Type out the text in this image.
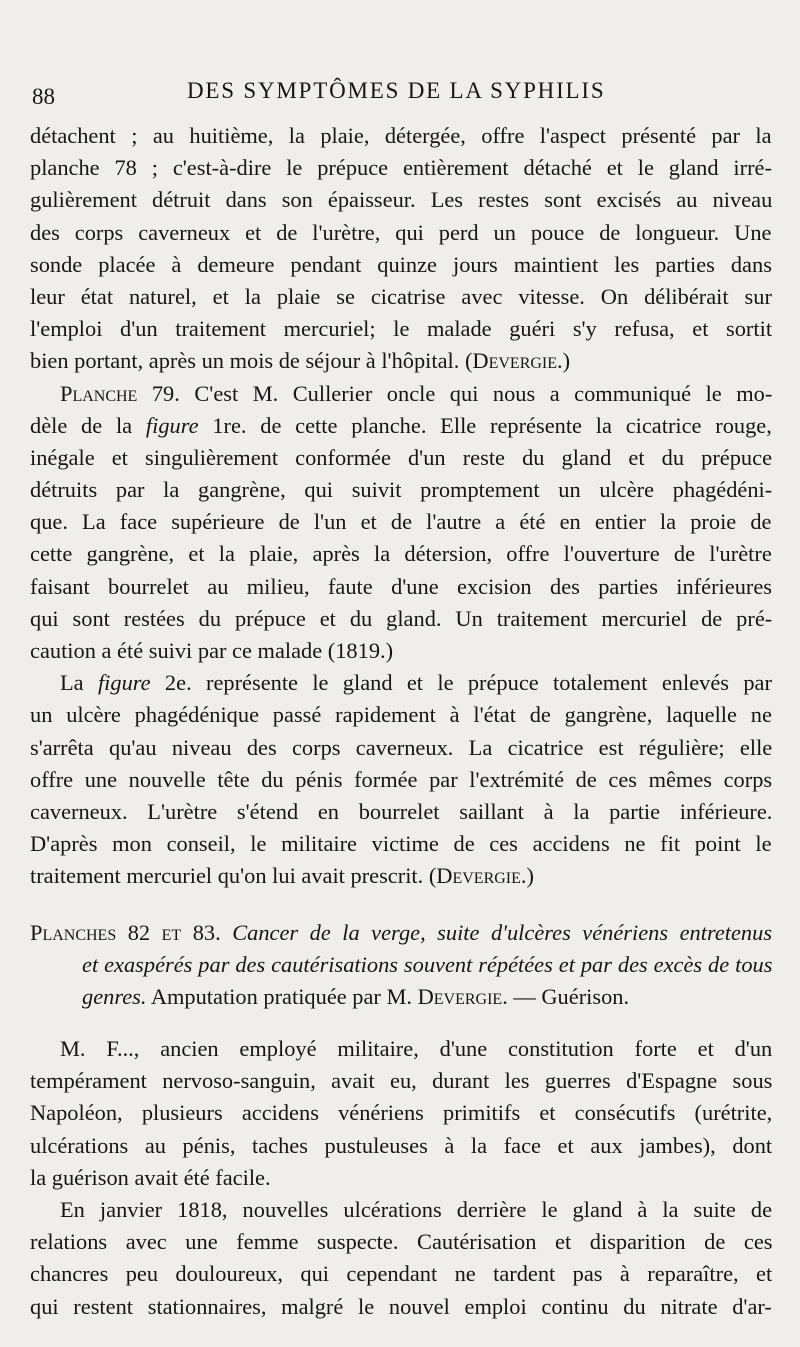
88	DES SYMPTÔMES DE LA SYPHILIS
détachent ; au huitième, la plaie, détergée, offre l'aspect présenté par la
planche 78 ; c'est-à-dire le prépuce entièrement détaché et le gland irré-
gulièrement détruit dans son épaisseur. Les restes sont excisés au niveau
des corps caverneux et de l'urètre, qui perd un pouce de longueur. Une
sonde placée à demeure pendant quinze jours maintient les parties dans
leur état naturel, et la plaie se cicatrise avec vitesse. On délibérait sur
l'emploi d'un traitement mercuriel; le malade guéri s'y refusa, et sortit
bien portant, après un mois de séjour à l'hôpital. (Devergie.)
Planche 79. C'est M. Cullerier oncle qui nous a communiqué le mo-
dèle de la figure 1re. de cette planche. Elle représente la cicatrice rouge,
inégale et singulièrement conformée d'un reste du gland et du prépuce
détruits par la gangrène, qui suivit promptement un ulcère phagédéni-
que. La face supérieure de l'un et de l'autre a été en entier la proie de
cette gangrène, et la plaie, après la détersion, offre l'ouverture de l'urètre
faisant bourrelet au milieu, faute d'une excision des parties inférieures
qui sont restées du prépuce et du gland. Un traitement mercuriel de pré-
caution a été suivi par ce malade (1819.)
La figure 2e. représente le gland et le prépuce totalement enlevés par
un ulcère phagédénique passé rapidement à l'état de gangrène, laquelle ne
s'arrêta qu'au niveau des corps caverneux. La cicatrice est régulière; elle
offre une nouvelle tête du pénis formée par l'extrémité de ces mêmes corps
caverneux. L'urètre s'étend en bourrelet saillant à la partie inférieure.
D'après mon conseil, le militaire victime de ces accidens ne fit point le
traitement mercuriel qu'on lui avait prescrit. (Devergie.)
Planches 82 et 83. Cancer de la verge, suite d'ulcères vénériens entretenus
et exaspérés par des cautérisations souvent répétées et par des excès de tous
genres. Amputation pratiquée par M. Devergie. — Guérison.
M. F..., ancien employé militaire, d'une constitution forte et d'un
tempérament nervoso-sanguin, avait eu, durant les guerres d'Espagne sous
Napoléon, plusieurs accidens vénériens primitifs et consécutifs (urétrite,
ulcérations au pénis, taches pustuleuses à la face et aux jambes), dont
la guérison avait été facile.
En janvier 1818, nouvelles ulcérations derrière le gland à la suite de
relations avec une femme suspecte. Cautérisation et disparition de ces
chancres peu douloureux, qui cependant ne tardent pas à reparaître, et
qui restent stationnaires, malgré le nouvel emploi continu du nitrate d'ar-
